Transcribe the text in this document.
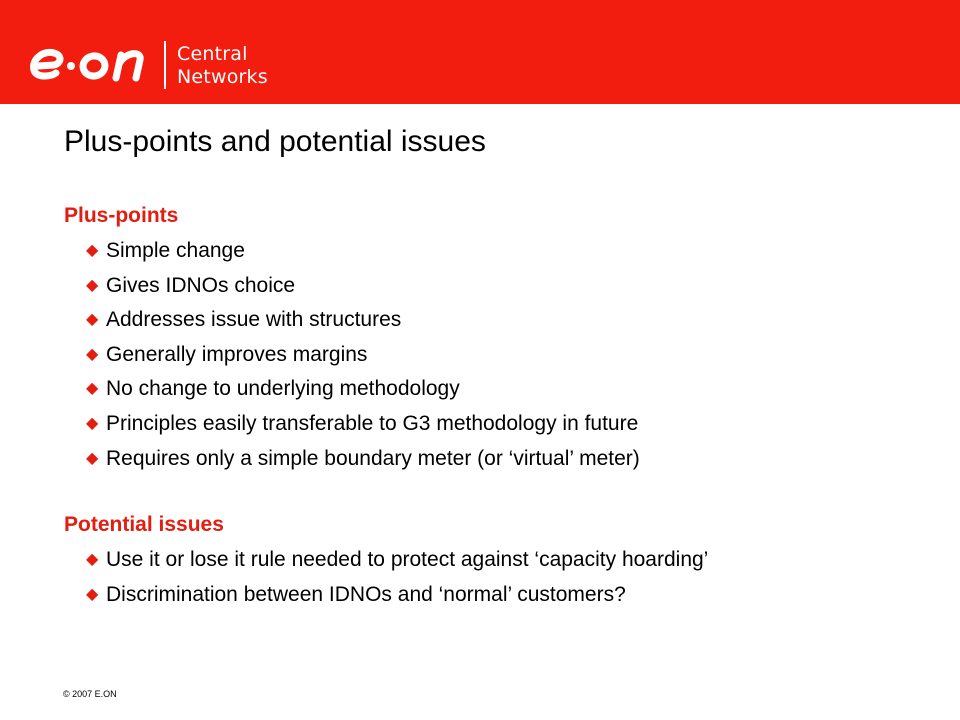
Central
Networks
Plus-points and potential issues
Plus-points
◆ Simple change
◆ Gives IDNOs choice
◆ Addresses issue with structures
◆ Generally improves margins
◆ No change to underlying methodology
◆ Principles easily transferable to G3 methodology in future
◆ Requires only a simple boundary meter (or ‘virtual’ meter)
Potential issues
◆ Use it or lose it rule needed to protect against ‘capacity hoarding’
◆ Discrimination between IDNOs and ‘normal’ customers?
© 2007 E.ON
